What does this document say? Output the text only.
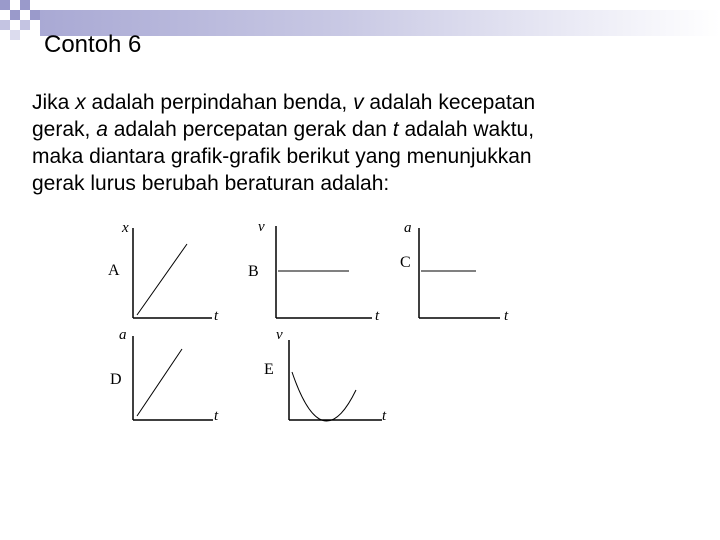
Contoh 6

Jika x adalah perpindahan benda, v adalah kecepatan
gerak, a adalah percepatan gerak dan t adalah waktu,
maka diantara grafik-grafik berikut yang menunjukkan
gerak lurus berubah beraturan adalah:

x
A
t
v
B
t
a
C
t
a
D
t
v
E
t
